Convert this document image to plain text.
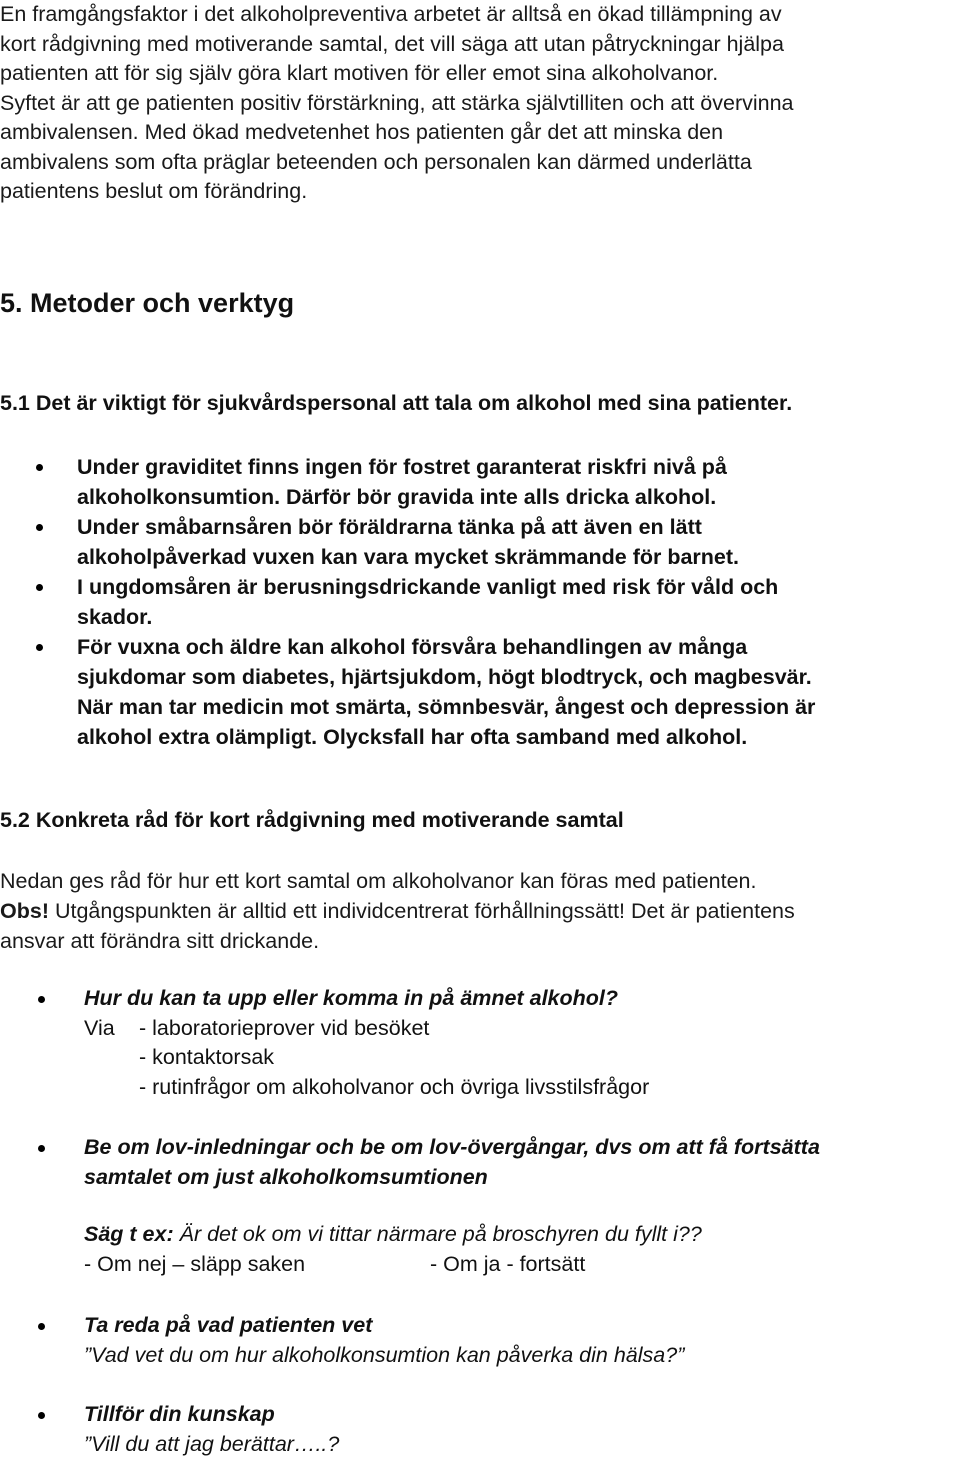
En framgångsfaktor i det alkoholpreventiva arbetet är alltså en ökad tillämpning av

kort rådgivning med motiverande samtal, det vill säga att utan påtryckningar hjälpa

patienten att för sig själv göra klart motiven för eller emot sina alkoholvanor.

Syftet är att ge patienten positiv förstärkning, att stärka självtilliten och att övervinna

ambivalensen. Med ökad medvetenhet hos patienten går det att minska den

ambivalens som ofta präglar beteenden och personalen kan därmed underlätta

patientens beslut om förändring.

5. Metoder och verktyg
5.1 Det är viktigt för sjukvårdspersonal att tala om alkohol med sina patienter.
Under graviditet finns ingen för fostret garanterat riskfri nivå på
alkoholkonsumtion. Därför bör gravida inte alls dricka alkohol.
Under småbarnsåren bör föräldrarna tänka på att även en lätt
alkoholpåverkad vuxen kan vara mycket skrämmande för barnet.
I ungdomsåren är berusningsdrickande vanligt med risk för våld och
skador.
För vuxna och äldre kan alkohol försvåra behandlingen av många
sjukdomar som diabetes, hjärtsjukdom, högt blodtryck, och magbesvär.
När man tar medicin mot smärta, sömnbesvär, ångest och depression är
alkohol extra olämpligt. Olycksfall har ofta samband med alkohol.
5.2 Konkreta råd för kort rådgivning med motiverande samtal

Nedan ges råd för hur ett kort samtal om alkoholvanor kan föras med patienten.

Obs! Utgångspunkten är alltid ett individcentrerat förhållningssätt! Det är patientens

ansvar att förändra sitt drickande.

Hur du kan ta upp eller komma in på ämnet alkohol?
Via - laboratorieprover vid besöket
- kontaktorsak
- rutinfrågor om alkoholvanor och övriga livsstilsfrågor
Be om lov-inledningar och be om lov-övergångar, dvs om att få fortsätta
samtalet om just alkoholkomsumtionen
Säg t ex: Är det ok om vi tittar närmare på broschyren du fyllt i??
- Om nej – släpp saken	- Om ja - fortsätt
Ta reda på vad patienten vet
”Vad vet du om hur alkoholkonsumtion kan påverka din hälsa?”
Tillför din kunskap
”Vill du att jag berättar…..?
